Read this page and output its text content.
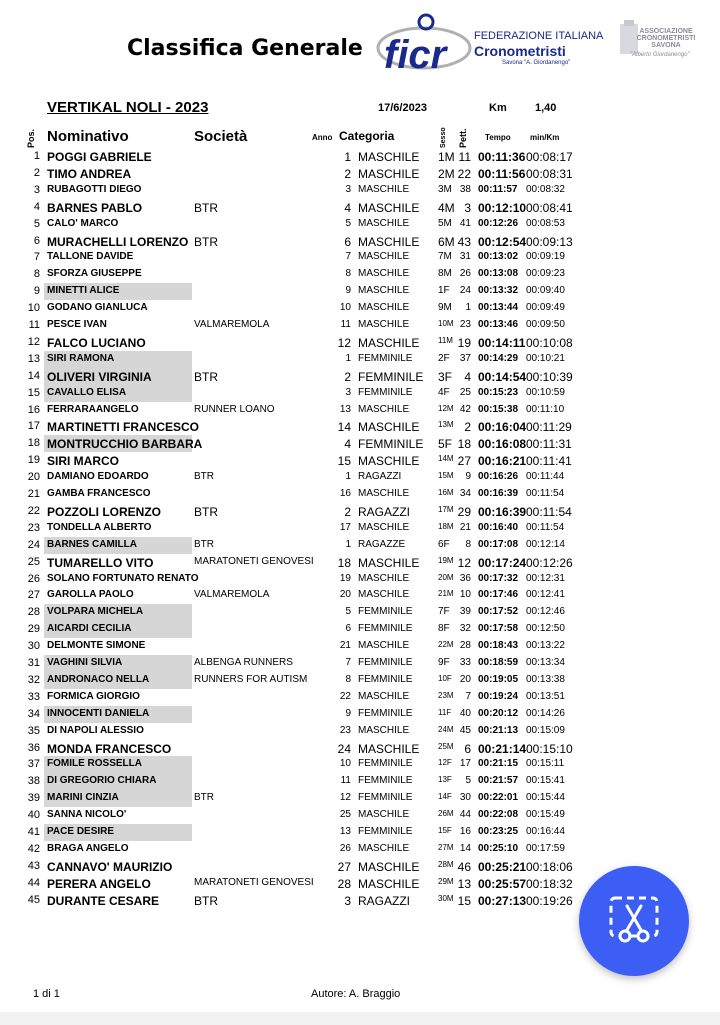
Classifica Generale ficr	FEDERAZIONE ITALIANA
Cronometristi
Savona "A. Giordanengo"
ASSOCIAZIONE CRONOMETRISTI SAVONA
"Alberto Giordanengo"
VERTIKAL NOLI - 2023	17/6/2023	Km	1,40
Pos. Nominativo	Società	Anno Categoria	Sesso Pett. Tempo min/Km
1 POGGI GABRIELE	1 MASCHILE 1M 11 00:11:36 00:08:17
2 TIMO ANDREA	2 MASCHILE 2M 22 00:11:56 00:08:31
3 RUBAGOTTI DIEGO	3 MASCHILE	3M 38 00:11:57 00:08:32
4 BARNES PABLO	BTR	4 MASCHILE 4M 3 00:12:10 00:08:41
5 CALO' MARCO	5 MASCHILE	5M 41 00:12:26 00:08:53
6 MURACHELLI LORENZO BTR	6 MASCHILE 6M 43 00:12:54 00:09:13
7 TALLONE DAVIDE	7 MASCHILE	7M 31 00:13:02 00:09:19
8 SFORZA GIUSEPPE	8 MASCHILE	8M 26 00:13:08 00:09:23
9 MINETTI ALICE	9 MASCHILE	1F 24 00:13:32 00:09:40
10 GODANO GIANLUCA	10 MASCHILE	9M 1 00:13:44 00:09:49
11 PESCE IVAN	VALMAREMOLA	11 MASCHILE	10M 23 00:13:46 00:09:50
12 FALCO LUCIANO	12 MASCHILE 11M 19 00:14:11 00:10:08
13 SIRI RAMONA	1 FEMMINILE	2F 37 00:14:29 00:10:21
14 OLIVERI VIRGINIA	BTR	2 FEMMINILE 3F 4 00:14:54 00:10:39
15 CAVALLO ELISA	3 FEMMINILE	4F 25 00:15:23 00:10:59
16 FERRARAANGELO	RUNNER LOANO	13 MASCHILE	12M 42 00:15:38 00:11:10
17 MARTINETTI FRANCESCO	14 MASCHILE 13M 2 00:16:04 00:11:29
18 MONTRUCCHIO BARBARA	4 FEMMINILE 5F 18 00:16:08 00:11:31
19 SIRI MARCO	15 MASCHILE 14M 27 00:16:21 00:11:41
20 DAMIANO EDOARDO	BTR	1 RAGAZZI	15M 9 00:16:26 00:11:44
21 GAMBA FRANCESCO	16 MASCHILE	16M 34 00:16:39 00:11:54
22 POZZOLI LORENZO	BTR	2 RAGAZZI	17M 29 00:16:39 00:11:54
23 TONDELLA ALBERTO	17 MASCHILE	18M 21 00:16:40 00:11:54
24 BARNES CAMILLA	BTR	1 RAGAZZE	6F 8 00:17:08 00:12:14
25 TUMARELLO VITO	MARATONETI GENOVESI 18 MASCHILE 19M 12 00:17:24 00:12:26
26 SOLANO FORTUNATO RENATO	19 MASCHILE	20M 36 00:17:32 00:12:31
27 GAROLLA PAOLO	VALMAREMOLA	20 MASCHILE	21M 10 00:17:46 00:12:41
28 VOLPARA MICHELA	5 FEMMINILE	7F 39 00:17:52 00:12:46
29 AICARDI CECILIA	6 FEMMINILE	8F 32 00:17:58 00:12:50
30 DELMONTE SIMONE	21 MASCHILE	22M 28 00:18:43 00:13:22
31 VAGHINI SILVIA	ALBENGA RUNNERS	7 FEMMINILE	9F 33 00:18:59 00:13:34
32 ANDRONACO NELLA	RUNNERS FOR AUTISM	8 FEMMINILE	10F 20 00:19:05 00:13:38
33 FORMICA GIORGIO	22 MASCHILE	23M 7 00:19:24 00:13:51
34 INNOCENTI DANIELA	9 FEMMINILE	11F 40 00:20:12 00:14:26
35 DI NAPOLI ALESSIO	23 MASCHILE	24M 45 00:21:13 00:15:09
36 MONDA FRANCESCO	24 MASCHILE 25M 6 00:21:14 00:15:10
37 FOMILE ROSSELLA	10 FEMMINILE	12F 17 00:21:15 00:15:11
38 DI GREGORIO CHIARA	11 FEMMINILE	13F 5 00:21:57 00:15:41
39 MARINI CINZIA	BTR	12 FEMMINILE	14F 30 00:22:01 00:15:44
40 SANNA NICOLO'	25 MASCHILE	26M 44 00:22:08 00:15:49
41 PACE DESIRE	13 FEMMINILE	15F 16 00:23:25 00:16:44
42 BRAGA ANGELO	26 MASCHILE	27M 14 00:25:10 00:17:59
43 CANNAVO' MAURIZIO	27 MASCHILE 28M 46 00:25:21 00:18:06
44 PERERA ANGELO	MARATONETI GENOVESI 28 MASCHILE 29M 13 00:25:57 00:18:32
45 DURANTE CESARE	BTR	3 RAGAZZI	30M 15 00:27:13 00:19:26
1 di 1	Autore: A. Braggio
